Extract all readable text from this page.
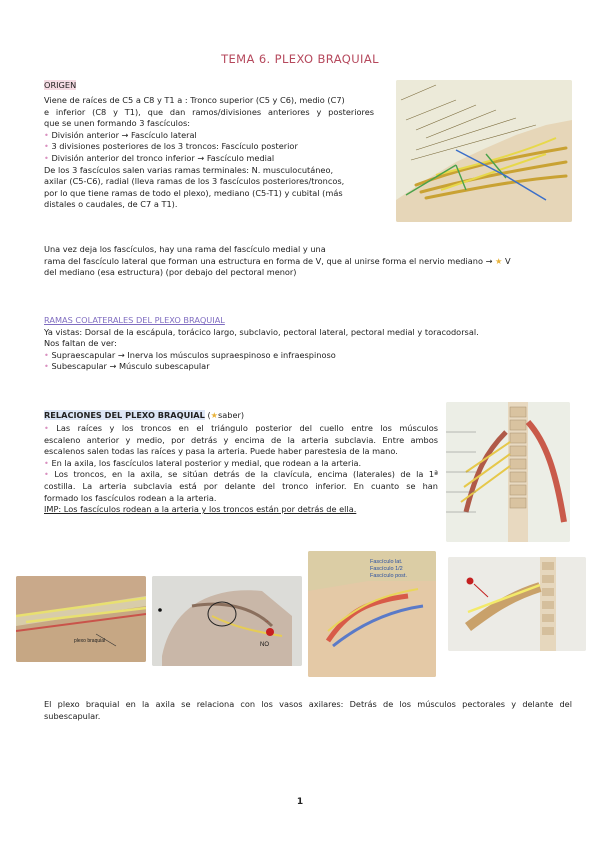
TEMA 6. PLEXO BRAQUIAL
ORIGEN
Viene de raíces de C5 a C8 y T1 a : Tronco superior (C5 y C6), medio (C7)
e inferior (C8 y T1), que dan ramos/divisiones anteriores y posteriores
que se unen formando 3 fascículos:
• División anterior → Fascículo lateral
• 3 divisiones posteriores de los 3 troncos: Fascículo posterior
• División anterior del tronco inferior → Fascículo medial
De los 3 fascículos salen varias ramas terminales: N. musculocutáneo,
axilar (C5-C6), radial (lleva ramas de los 3 fascículos posteriores/troncos,
por lo que tiene ramas de todo el plexo), mediano (C5-T1) y cubital (más
distales o caudales, de C7 a T1).
Una vez deja los fascículos, hay una rama del fascículo medial y una
rama del fascículo lateral que forman una estructura en forma de V, que al unirse forma el nervio mediano → ★ V
del mediano (esa estructura) (por debajo del pectoral menor)
RAMAS COLATERALES DEL PLEXO BRAQUIAL
Ya vistas: Dorsal de la escápula, torácico largo, subclavio, pectoral lateral, pectoral medial y toracodorsal.
Nos faltan de ver:
• Supraescapular → Inerva los músculos supraespinoso e infraespinoso
• Subescapular → Músculo subescapular
RELACIONES DEL PLEXO BRAQUIAL (★saber)
• Las raíces y los troncos en el triángulo posterior del cuello entre los músculos
escaleno anterior y medio, por detrás y encima de la arteria subclavia. Entre ambos
escalenos salen todas las raíces y pasa la arteria. Puede haber parestesia de la mano.
• En la axila, los fascículos lateral posterior y medial, que rodean a la arteria.
• Los troncos, en la axila, se sitúan detrás de la clavícula, encima (laterales) de la 1ª
costilla. La arteria subclavia está por delante del tronco inferior. En cuanto se han
formado los fascículos rodean a la arteria.
IMP: Los fascículos rodean a la arteria y los troncos están por detrás de ella.
plexo braquial
→
NO
Fascículo lat.
Fascículo 1/2
Fascículo post.
El plexo braquial en la axila se relaciona con los vasos axilares: Detrás de los músculos pectorales y delante del
subescapular.
1
